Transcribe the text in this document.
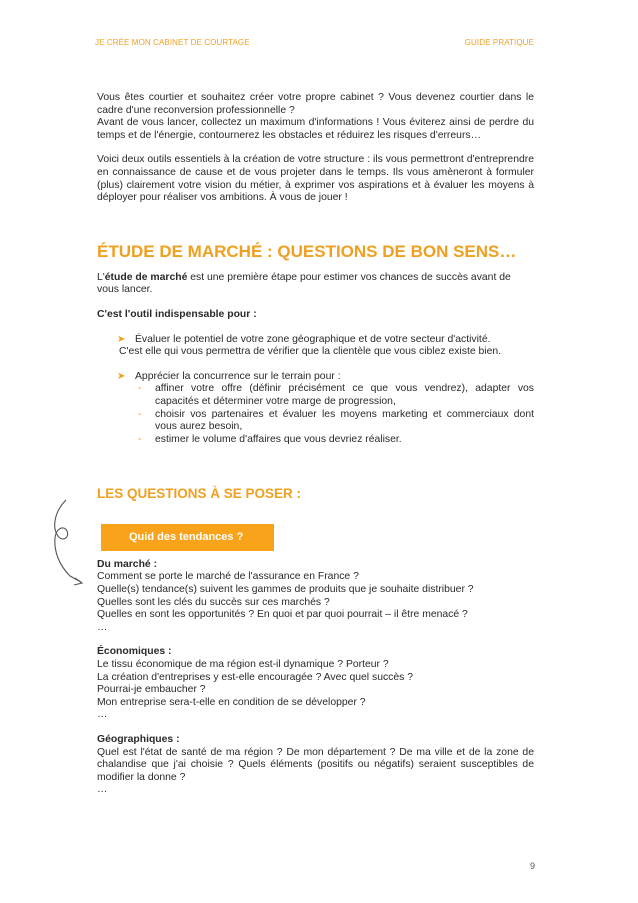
JE CRÉE MON CABINET DE COURTAGE	GUIDE PRATIQUE

Vous êtes courtier et souhaitez créer votre propre cabinet ? Vous devenez courtier dans le cadre d'une reconversion professionnelle ?

Avant de vous lancer, collectez un maximum d'informations ! Vous éviterez ainsi de perdre du temps et de l'énergie, contournerez les obstacles et réduirez les risques d'erreurs…

Voici deux outils essentiels à la création de votre structure : ils vous permettront d'entreprendre en connaissance de cause et de vous projeter dans le temps. Ils vous amèneront à formuler (plus) clairement votre vision du métier, à exprimer vos aspirations et à évaluer les moyens à déployer pour réaliser vos ambitions. À vous de jouer !

ÉTUDE DE MARCHÉ : QUESTIONS DE BON SENS…

L'étude de marché est une première étape pour estimer vos chances de succès avant de vous lancer.

C'est l'outil indispensable pour :

➤ Évaluer le potentiel de votre zone géographique et de votre secteur d'activité.

C'est elle qui vous permettra de vérifier que la clientèle que vous ciblez existe bien.

➤ Apprécier la concurrence sur le terrain pour :
- affiner votre offre (définir précisément ce que vous vendrez), adapter vos capacités et déterminer votre marge de progression,
- choisir vos partenaires et évaluer les moyens marketing et commerciaux dont vous aurez besoin,
- estimer le volume d'affaires que vous devriez réaliser.

LES QUESTIONS À SE POSER :

Quid des tendances ?

Du marché :

Comment se porte le marché de l'assurance en France ?

Quelle(s) tendance(s) suivent les gammes de produits que je souhaite distribuer ?

Quelles sont les clés du succès sur ces marchés ?

Quelles en sont les opportunités ? En quoi et par quoi pourrait – il être menacé ?

…

Économiques :

Le tissu économique de ma région est-il dynamique ? Porteur ?

La création d'entreprises y est-elle encouragée ? Avec quel succès ?

Pourrai-je embaucher ?

Mon entreprise sera-t-elle en condition de se développer ?

…

Géographiques :

Quel est l'état de santé de ma région ? De mon département ? De ma ville et de la zone de chalandise que j'ai choisie ? Quels éléments (positifs ou négatifs) seraient susceptibles de modifier la donne ?

…

9
